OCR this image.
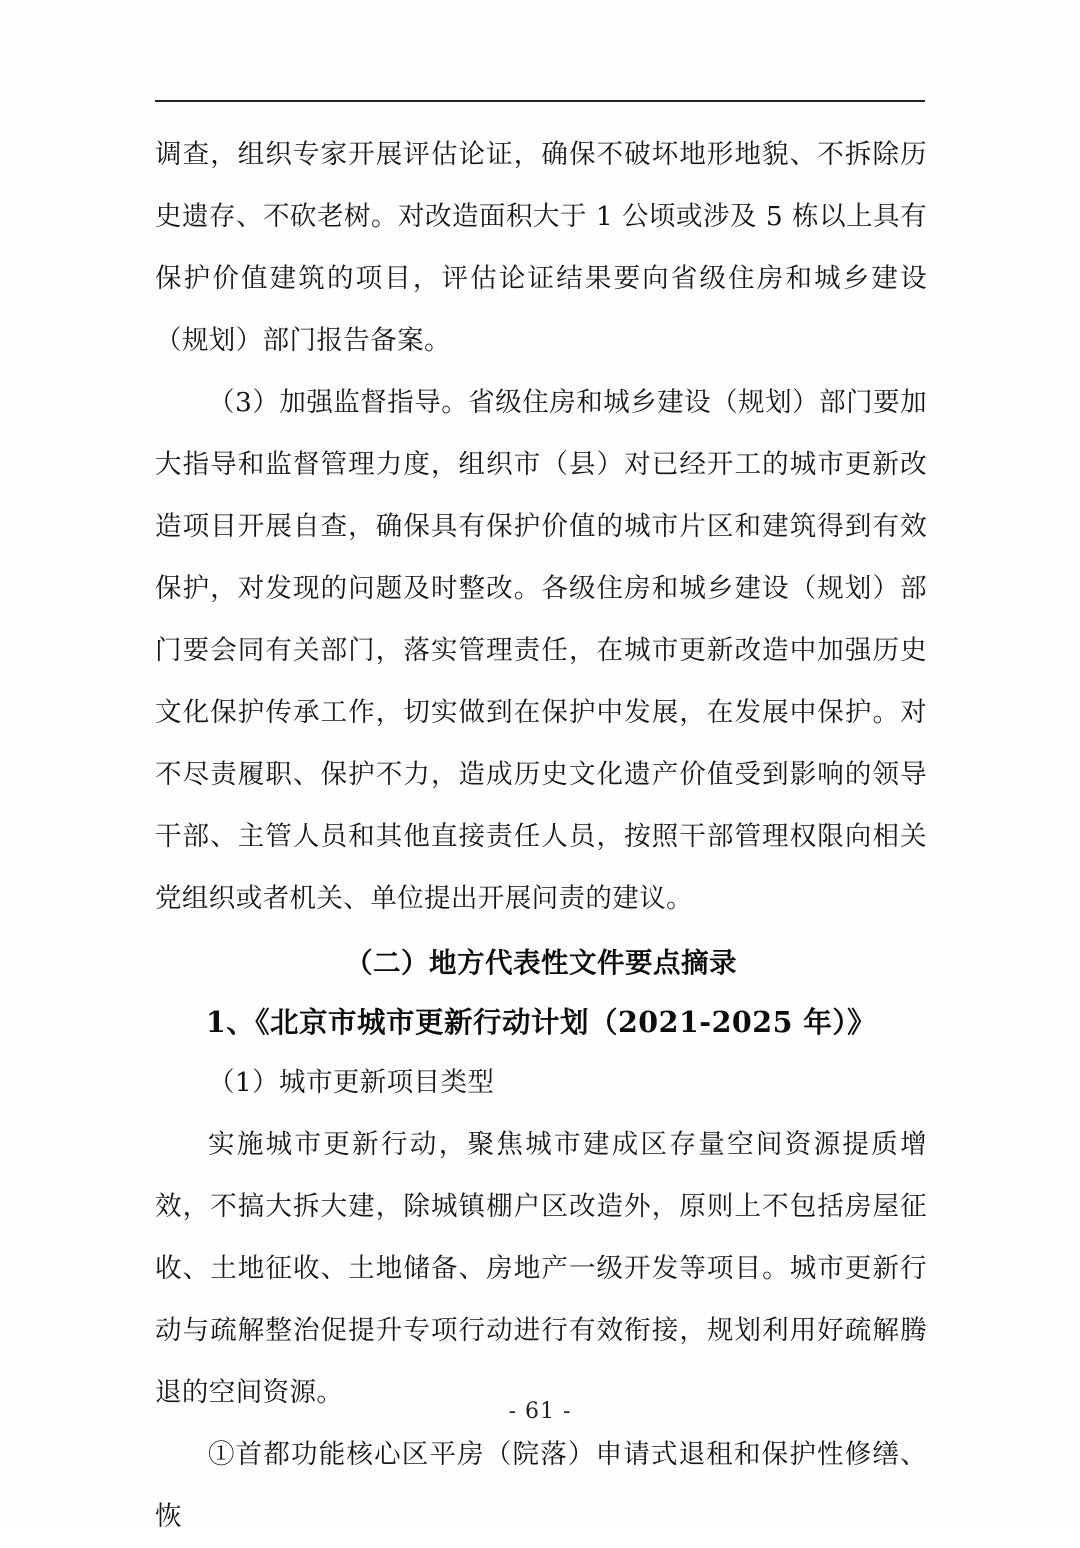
调查，组织专家开展评估论证，确保不破坏地形地貌、不拆除历史遗存、不砍老树。对改造面积大于 1 公顷或涉及 5 栋以上具有保护价值建筑的项目，评估论证结果要向省级住房和城乡建设（规划）部门报告备案。

（3）加强监督指导。省级住房和城乡建设（规划）部门要加大指导和监督管理力度，组织市（县）对已经开工的城市更新改造项目开展自查，确保具有保护价值的城市片区和建筑得到有效保护，对发现的问题及时整改。各级住房和城乡建设（规划）部门要会同有关部门，落实管理责任，在城市更新改造中加强历史文化保护传承工作，切实做到在保护中发展，在发展中保护。对不尽责履职、保护不力，造成历史文化遗产价值受到影响的领导干部、主管人员和其他直接责任人员，按照干部管理权限向相关党组织或者机关、单位提出开展问责的建议。

（二）地方代表性文件要点摘录

1、《北京市城市更新行动计划（2021-2025 年）》

（1）城市更新项目类型

实施城市更新行动，聚焦城市建成区存量空间资源提质增效，不搞大拆大建，除城镇棚户区改造外，原则上不包括房屋征收、土地征收、土地储备、房地产一级开发等项目。城市更新行动与疏解整治促提升专项行动进行有效衔接，规划利用好疏解腾退的空间资源。

①首都功能核心区平房（院落）申请式退租和保护性修缮、恢

- 61 -
